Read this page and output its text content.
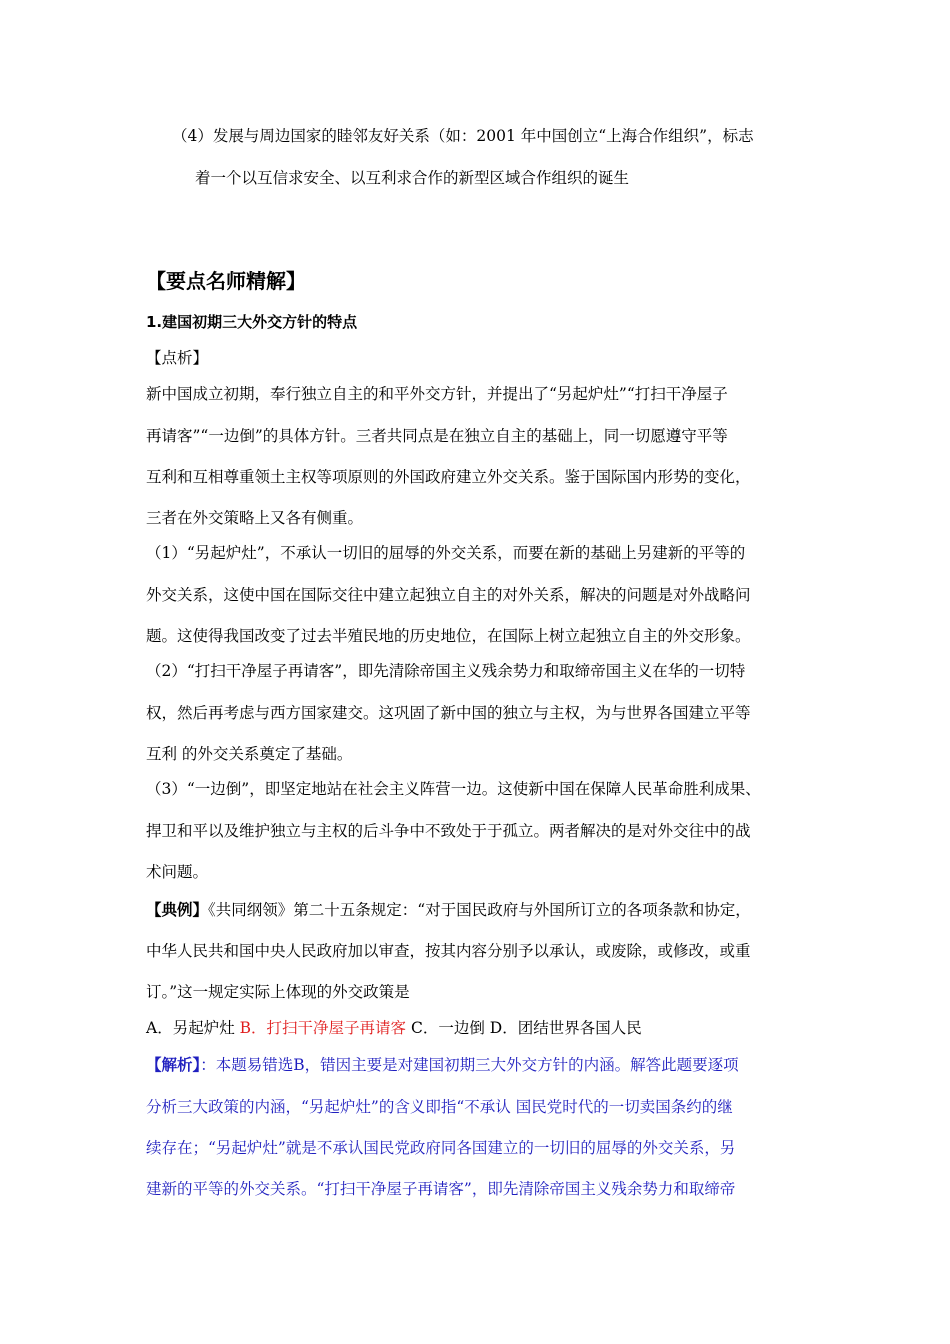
（4）发展与周边国家的睦邻友好关系（如：2001 年中国创立“上海合作组织”，标志
着一个以互信求安全、以互利求合作的新型区域合作组织的诞生
【要点名师精解】
1.建国初期三大外交方针的特点
【点析】
新中国成立初期，奉行独立自主的和平外交方针，并提出了“另起炉灶”“打扫干净屋子
再请客”“一边倒”的具体方针。三者共同点是在独立自主的基础上，同一切愿遵守平等
互利和互相尊重领土主权等项原则的外国政府建立外交关系。鉴于国际国内形势的变化，
三者在外交策略上又各有侧重。
（1）“另起炉灶”，不承认一切旧的屈辱的外交关系，而要在新的基础上另建新的平等的
外交关系，这使中国在国际交往中建立起独立自主的对外关系，解决的问题是对外战略问
题。这使得我国改变了过去半殖民地的历史地位，在国际上树立起独立自主的外交形象。
（2）“打扫干净屋子再请客”，即先清除帝国主义残余势力和取缔帝国主义在华的一切特
权，然后再考虑与西方国家建交。这巩固了新中国的独立与主权，为与世界各国建立平等
互利 的外交关系奠定了基础。
（3）“一边倒”，即坚定地站在社会主义阵营一边。这使新中国在保障人民革命胜利成果、
捍卫和平以及维护独立与主权的后斗争中不致处于于孤立。两者解决的是对外交往中的战
术问题。
【典例】《共同纲领》第二十五条规定：“对于国民政府与外国所订立的各项条款和协定，
中华人民共和国中央人民政府加以审查，按其内容分别予以承认，或废除，或修改，或重
订。”这一规定实际上体现的外交政策是
A．另起炉灶 B．打扫干净屋子再请客 C．一边倒 D．团结世界各国人民
【解析】：本题易错选B，错因主要是对建国初期三大外交方针的内涵。解答此题要逐项
分析三大政策的内涵，“另起炉灶”的含义即指“不承认 国民党时代的一切卖国条约的继
续存在；“另起炉灶”就是不承认国民党政府同各国建立的一切旧的屈辱的外交关系，另
建新的平等的外交关系。“打扫干净屋子再请客”，即先清除帝国主义残余势力和取缔帝
